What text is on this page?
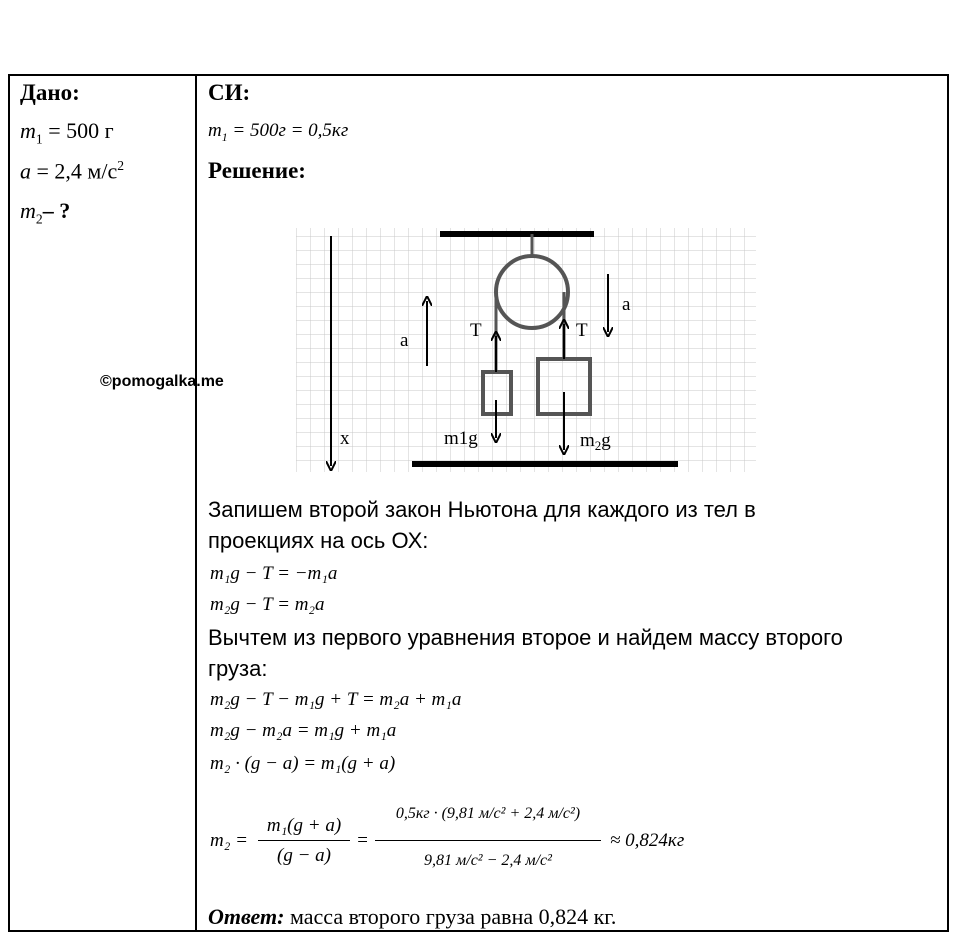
Дано:
$m_1 = 500$ г
a = 2,4 $м/с^2$
$m_2-$ ?
СИ:
$m_1 = 500г = 0,5кг$
Решение:
©pomogalka.me
a
a
T	T
x	m1g	$m_2g$
Запишем второй закон Ньютона для каждого из тел в
проекциях на ось ОХ:
m₁g − T = −m₁a
m₂g − T = m₂a
Вычтем из первого уравнения второе и найдем массу второго
груза:
m₂g − T − m₁g + T = m₂a + m₁a
m₂g − m₂a = m₁g + m₁a
m₂ · (g − a) = m₁(g + a)
m₂ =
m₁(g + a)
(g − a)
=
0,5кг · (9,81 м/c² + 2,4 м/c²)
9,81 м/c² − 2,4 м/c²
≈ 0,824кг
Ответ: масса второго груза равна 0,824 кг.
